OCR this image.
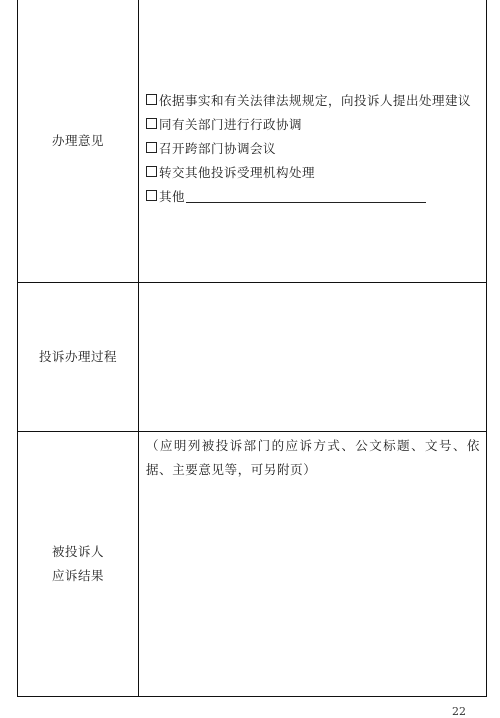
办理意见	依据事实和有关法律法规规定，向投诉人提出处理建议
同有关部门进行行政协调
召开跨部门协调会议
转交其他投诉受理机构处理
其他

投诉办理过程	

被投诉人
应诉结果	（应明列被投诉部门的应诉方式、公文标题、文号、依据、主要意见等，可另附页）
22
